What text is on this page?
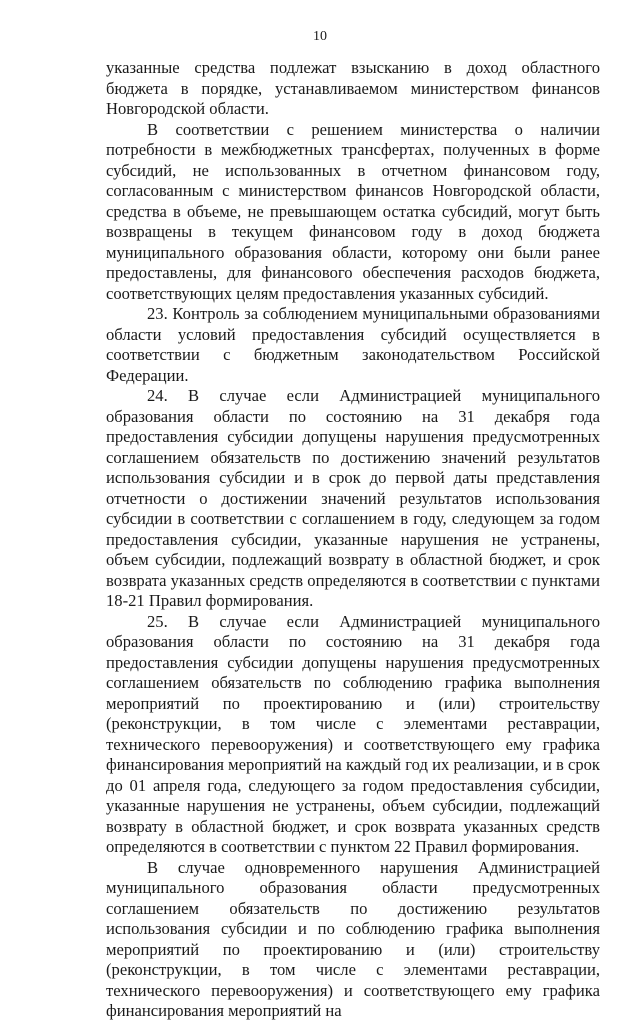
10

указанные средства подлежат взысканию в доход областного бюджета в порядке, устанавливаемом министерством финансов Новгородской области.

В соответствии с решением министерства о наличии потребности в межбюджетных трансфертах, полученных в форме субсидий, не использованных в отчетном финансовом году, согласованным с министерством финансов Новгородской области, средства в объеме, не превышающем остатка субсидий, могут быть возвращены в текущем финансовом году в доход бюджета муниципального образования области, которому они были ранее предоставлены, для финансового обеспечения расходов бюджета, соответствующих целям предоставления указанных субсидий.

23. Контроль за соблюдением муниципальными образованиями области условий предоставления субсидий осуществляется в соответствии с бюджетным законодательством Российской Федерации.

24. В случае если Администрацией муниципального образования области по состоянию на 31 декабря года предоставления субсидии допущены нарушения предусмотренных соглашением обязательств по достижению значений результатов использования субсидии и в срок до первой даты представления отчетности о достижении значений результатов использования субсидии в соответствии с соглашением в году, следующем за годом предоставления субсидии, указанные нарушения не устранены, объем субсидии, подлежащий возврату в областной бюджет, и срок возврата указанных средств определяются в соответствии с пунктами 18-21 Правил формирования.

25. В случае если Администрацией муниципального образования области по состоянию на 31 декабря года предоставления субсидии допущены нарушения предусмотренных соглашением обязательств по соблюдению графика выполнения мероприятий по проектированию и (или) строительству (реконструкции, в том числе с элементами реставрации, технического перевооружения) и соответствующего ему графика финансирования мероприятий на каждый год их реализации, и в срок до 01 апреля года, следующего за годом предоставления субсидии, указанные нарушения не устранены, объем субсидии, подлежащий возврату в областной бюджет, и срок возврата указанных средств определяются в соответствии с пунктом 22 Правил формирования.

В случае одновременного нарушения Администрацией муниципального образования области предусмотренных соглашением обязательств по достижению результатов использования субсидии и по соблюдению графика выполнения мероприятий по проектированию и (или) строительству (реконструкции, в том числе с элементами реставрации, технического перевооружения) и соответствующего ему графика финансирования мероприятий на
